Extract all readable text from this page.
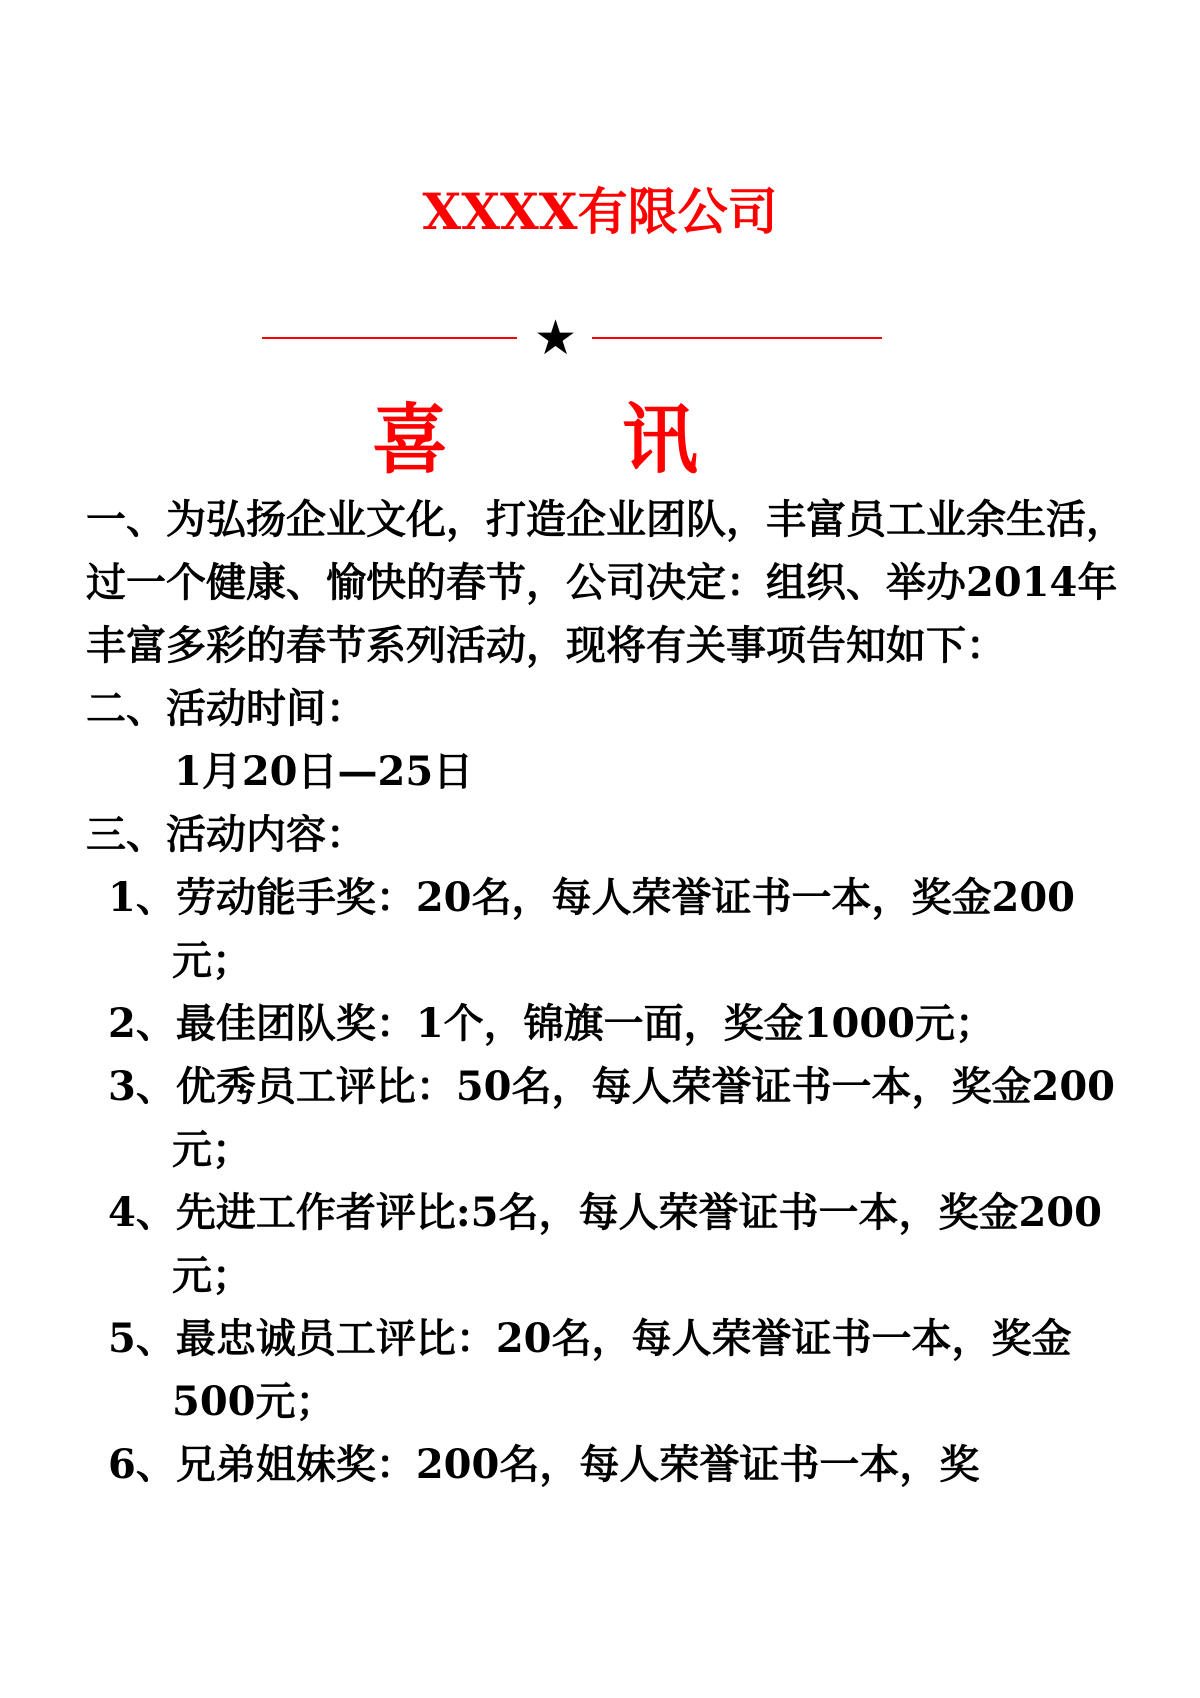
XXXX有限公司
★
喜 讯

一、为弘扬企业文化，打造企业团队，丰富员工业余生活，过一个健康、愉快的春节，公司决定：组织、举办2014年丰富多彩的春节系列活动，现将有关事项告知如下：

二、活动时间：

1月20日—25日

三、活动内容：

1、劳动能手奖：20名，每人荣誉证书一本，奖金200元；

2、最佳团队奖：1个，锦旗一面，奖金1000元；

3、优秀员工评比：50名，每人荣誉证书一本，奖金200元；

4、先进工作者评比:5名，每人荣誉证书一本，奖金200元；

5、最忠诚员工评比：20名，每人荣誉证书一本，奖金500元；

6、兄弟姐妹奖：200名，每人荣誉证书一本，奖
